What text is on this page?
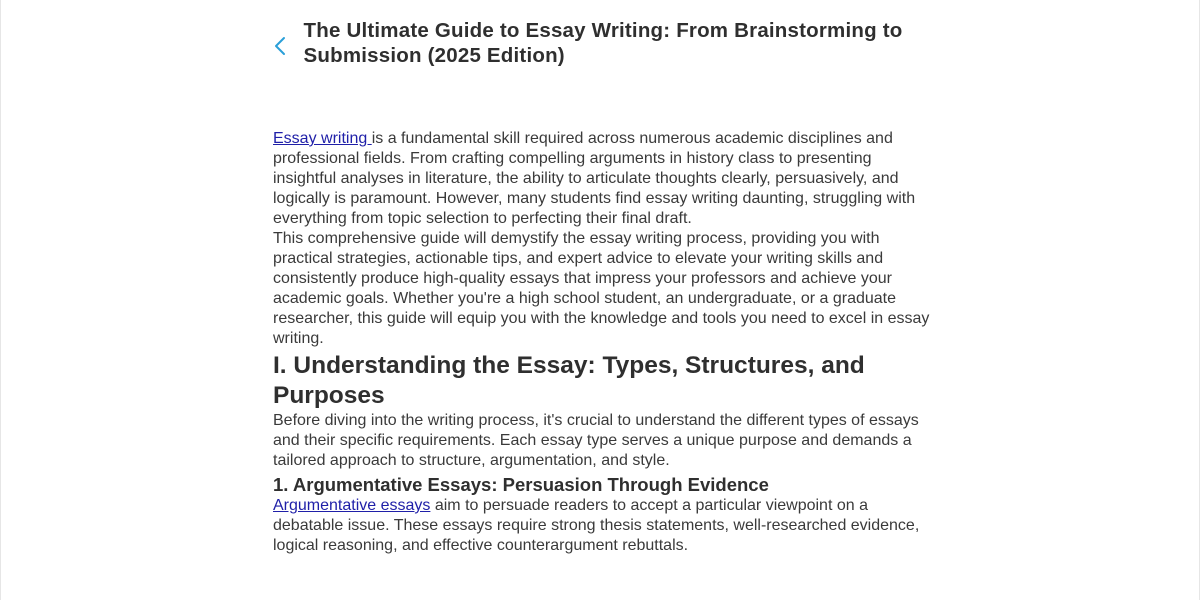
The Ultimate Guide to Essay Writing: From Brainstorming to Submission (2025 Edition)

Essay writing is a fundamental skill required across numerous academic disciplines and professional fields. From crafting compelling arguments in history class to presenting insightful analyses in literature, the ability to articulate thoughts clearly, persuasively, and logically is paramount. However, many students find essay writing daunting, struggling with everything from topic selection to perfecting their final draft.

This comprehensive guide will demystify the essay writing process, providing you with practical strategies, actionable tips, and expert advice to elevate your writing skills and consistently produce high-quality essays that impress your professors and achieve your academic goals. Whether you're a high school student, an undergraduate, or a graduate researcher, this guide will equip you with the knowledge and tools you need to excel in essay writing.

I. Understanding the Essay: Types, Structures, and Purposes

Before diving into the writing process, it's crucial to understand the different types of essays and their specific requirements. Each essay type serves a unique purpose and demands a tailored approach to structure, argumentation, and style.

1. Argumentative Essays: Persuasion Through Evidence

Argumentative essays aim to persuade readers to accept a particular viewpoint on a debatable issue. These essays require strong thesis statements, well-researched evidence, logical reasoning, and effective counterargument rebuttals.
